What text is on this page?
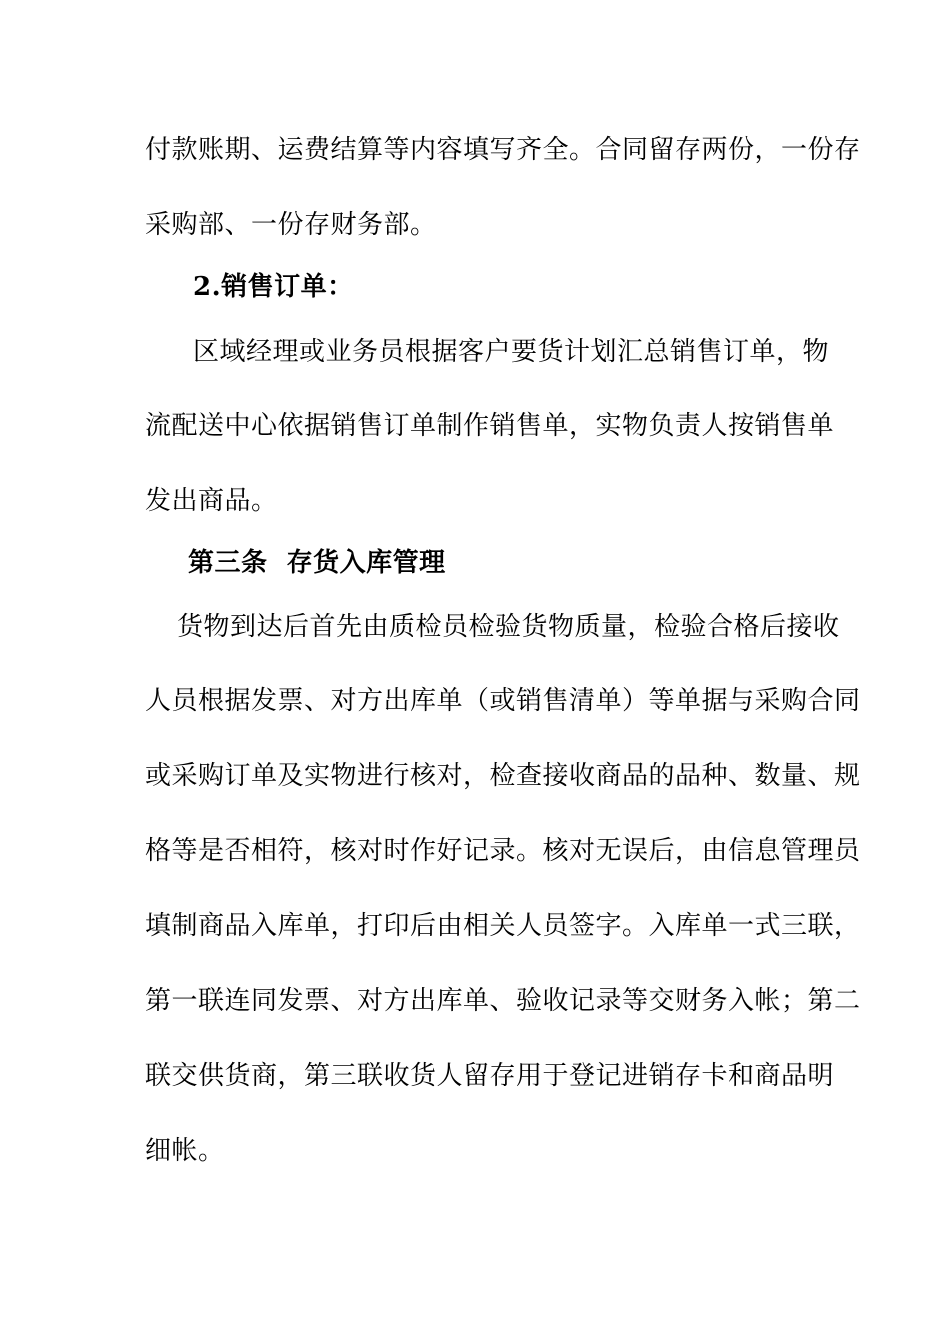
付款账期、运费结算等内容填写齐全。合同留存两份，一份存
采购部、一份存财务部。
2.销售订单：
区域经理或业务员根据客户要货计划汇总销售订单，物
流配送中心依据销售订单制作销售单，实物负责人按销售单
发出商品。
第三条  存货入库管理
货物到达后首先由质检员检验货物质量，检验合格后接收
人员根据发票、对方出库单（或销售清单）等单据与采购合同
或采购订单及实物进行核对，检查接收商品的品种、数量、规
格等是否相符，核对时作好记录。核对无误后，由信息管理员
填制商品入库单，打印后由相关人员签字。入库单一式三联，
第一联连同发票、对方出库单、验收记录等交财务入帐；第二
联交供货商，第三联收货人留存用于登记进销存卡和商品明
细帐。
